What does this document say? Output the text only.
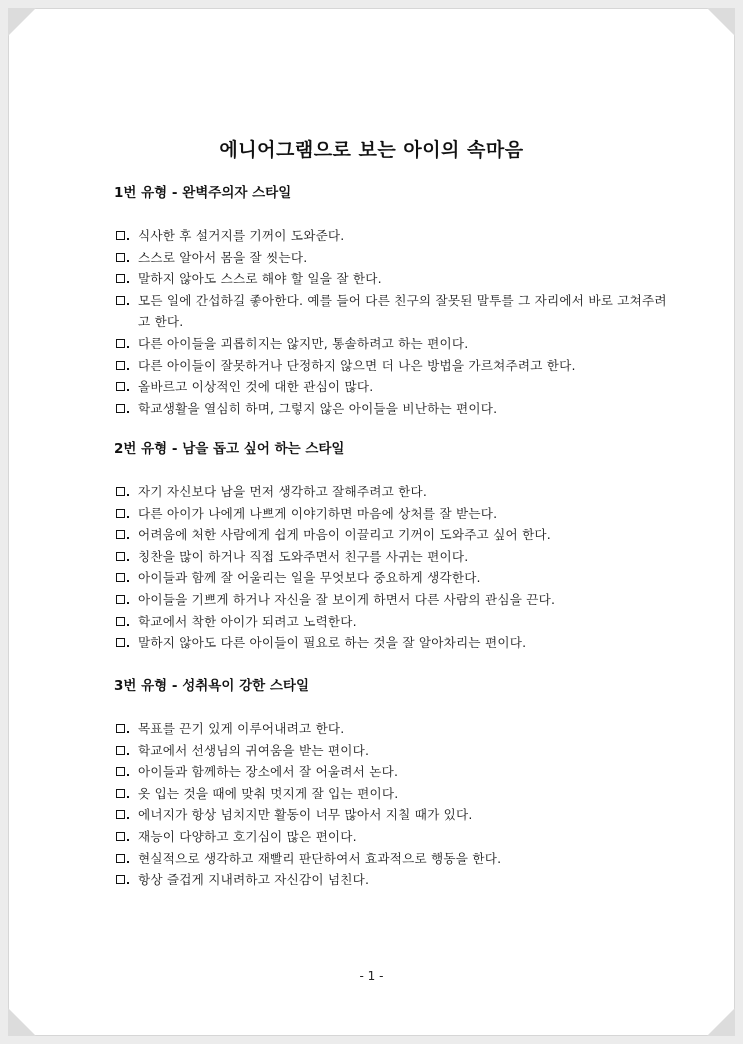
에니어그램으로 보는 아이의 속마음
1번 유형 - 완벽주의자 스타일
식사한 후 설거지를 기꺼이 도와준다.
스스로 알아서 몸을 잘 씻는다.
말하지 않아도 스스로 해야 할 일을 잘 한다.
모든 일에 간섭하길 좋아한다. 예를 들어 다른 친구의 잘못된 말투를 그 자리에서 바로 고쳐주려고 한다.
다른 아이들을 괴롭히지는 않지만, 통솔하려고 하는 편이다.
다른 아이들이 잘못하거나 단정하지 않으면 더 나은 방법을 가르쳐주려고 한다.
올바르고 이상적인 것에 대한 관심이 많다.
학교생활을 열심히 하며, 그렇지 않은 아이들을 비난하는 편이다.
2번 유형 - 남을 돕고 싶어 하는 스타일
자기 자신보다 남을 먼저 생각하고 잘해주려고 한다.
다른 아이가 나에게 나쁘게 이야기하면 마음에 상처를 잘 받는다.
어려움에 처한 사람에게 쉽게 마음이 이끌리고 기꺼이 도와주고 싶어 한다.
칭찬을 많이 하거나 직접 도와주면서 친구를 사귀는 편이다.
아이들과 함께 잘 어울리는 일을 무엇보다 중요하게 생각한다.
아이들을 기쁘게 하거나 자신을 잘 보이게 하면서 다른 사람의 관심을 끈다.
학교에서 착한 아이가 되려고 노력한다.
말하지 않아도 다른 아이들이 필요로 하는 것을 잘 알아차리는 편이다.
3번 유형 - 성취욕이 강한 스타일
목표를 끈기 있게 이루어내려고 한다.
학교에서 선생님의 귀여움을 받는 편이다.
아이들과 함께하는 장소에서 잘 어울려서 논다.
옷 입는 것을 때에 맞춰 멋지게 잘 입는 편이다.
에너지가 항상 넘치지만 활동이 너무 많아서 지칠 때가 있다.
재능이 다양하고 호기심이 많은 편이다.
현실적으로 생각하고 재빨리 판단하여서 효과적으로 행동을 한다.
항상 즐겁게 지내려하고 자신감이 넘친다.
- 1 -
